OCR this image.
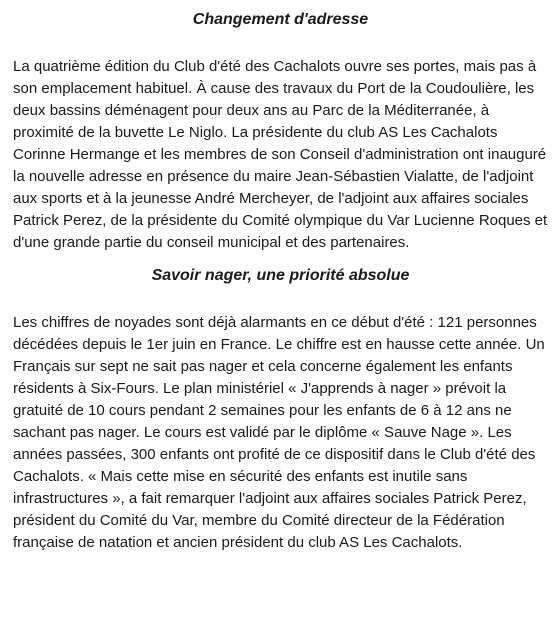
Changement d'adresse

La quatrième édition du Club d'été des Cachalots ouvre ses portes, mais pas à son emplacement habituel. À cause des travaux du Port de la Coudoulière, les deux bassins déménagent pour deux ans au Parc de la Méditerranée, à proximité de la buvette Le Niglo. La présidente du club AS Les Cachalots Corinne Hermange et les membres de son Conseil d'administration ont inauguré la nouvelle adresse en présence du maire Jean-Sébastien Vialatte, de l'adjoint aux sports et à la jeunesse André Mercheyer, de l'adjoint aux affaires sociales Patrick Perez, de la présidente du Comité olympique du Var Lucienne Roques et d'une grande partie du conseil municipal et des partenaires.

Savoir nager, une priorité absolue

Les chiffres de noyades sont déjà alarmants en ce début d'été : 121 personnes décédées depuis le 1er juin en France. Le chiffre est en hausse cette année. Un Français sur sept ne sait pas nager et cela concerne également les enfants résidents à Six-Fours. Le plan ministériel « J'apprends à nager » prévoit la gratuité de 10 cours pendant 2 semaines pour les enfants de 6 à 12 ans ne sachant pas nager. Le cours est validé par le diplôme « Sauve Nage ». Les années passées, 300 enfants ont profité de ce dispositif dans le Club d'été des Cachalots. « Mais cette mise en sécurité des enfants est inutile sans infrastructures », a fait remarquer l'adjoint aux affaires sociales Patrick Perez, président du Comité du Var, membre du Comité directeur de la Fédération française de natation et ancien président du club AS Les Cachalots.
